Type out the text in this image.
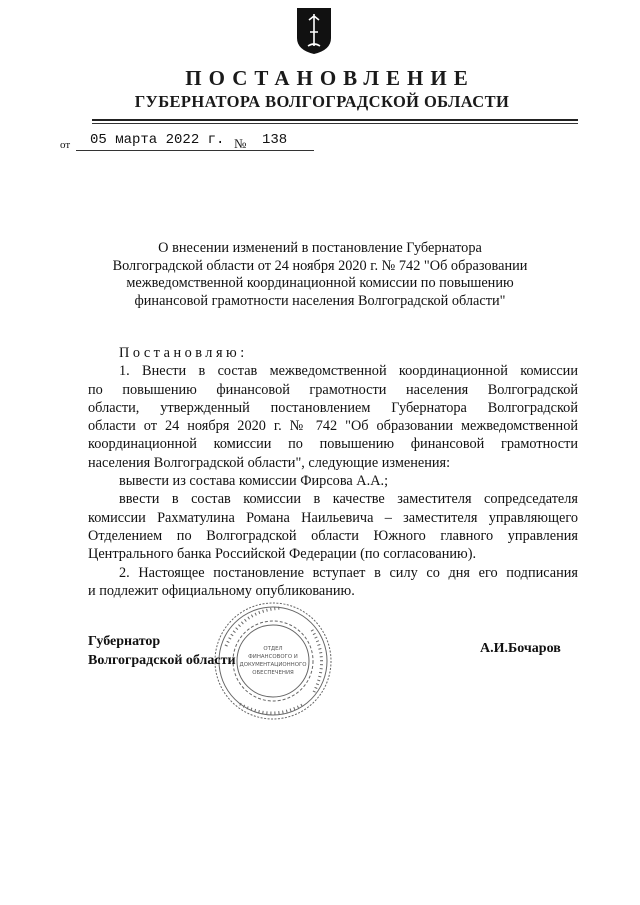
ПОСТАНОВЛЕНИЕ
ГУБЕРНАТОРА ВОЛГОГРАДСКОЙ ОБЛАСТИ
от	05 марта 2022 г. №	138
О внесении изменений в постановление Губернатора
Волгоградской области от 24 ноября 2020 г. № 742 "Об образовании
межведомственной координационной комиссии по повышению
финансовой грамотности населения Волгоградской области"
Постановляю:
1. Внести в состав межведомственной координационной комиссии
по повышению финансовой грамотности населения Волгоградской
области, утвержденный постановлением Губернатора Волгоградской
области от 24 ноября 2020 г. № 742 "Об образовании межведомственной
координационной комиссии по повышению финансовой грамотности
населения Волгоградской области", следующие изменения:
вывести из состава комиссии Фирсова А.А.;
ввести в состав комиссии в качестве заместителя сопредседателя
комиссии Рахматулина Романа Наильевича – заместителя управляющего
Отделением по Волгоградской области Южного главного управления
Центрального банка Российской Федерации (по согласованию).
2. Настоящее постановление вступает в силу со дня его подписания
и подлежит официальному опубликованию.
ОТДЕЛ
ФИНАНСОВОГО И
ДОКУМЕНТАЦИОННОГО
ОБЕСПЕЧЕНИЯ
Губернатор
Волгоградской области
А.И.Бочаров
